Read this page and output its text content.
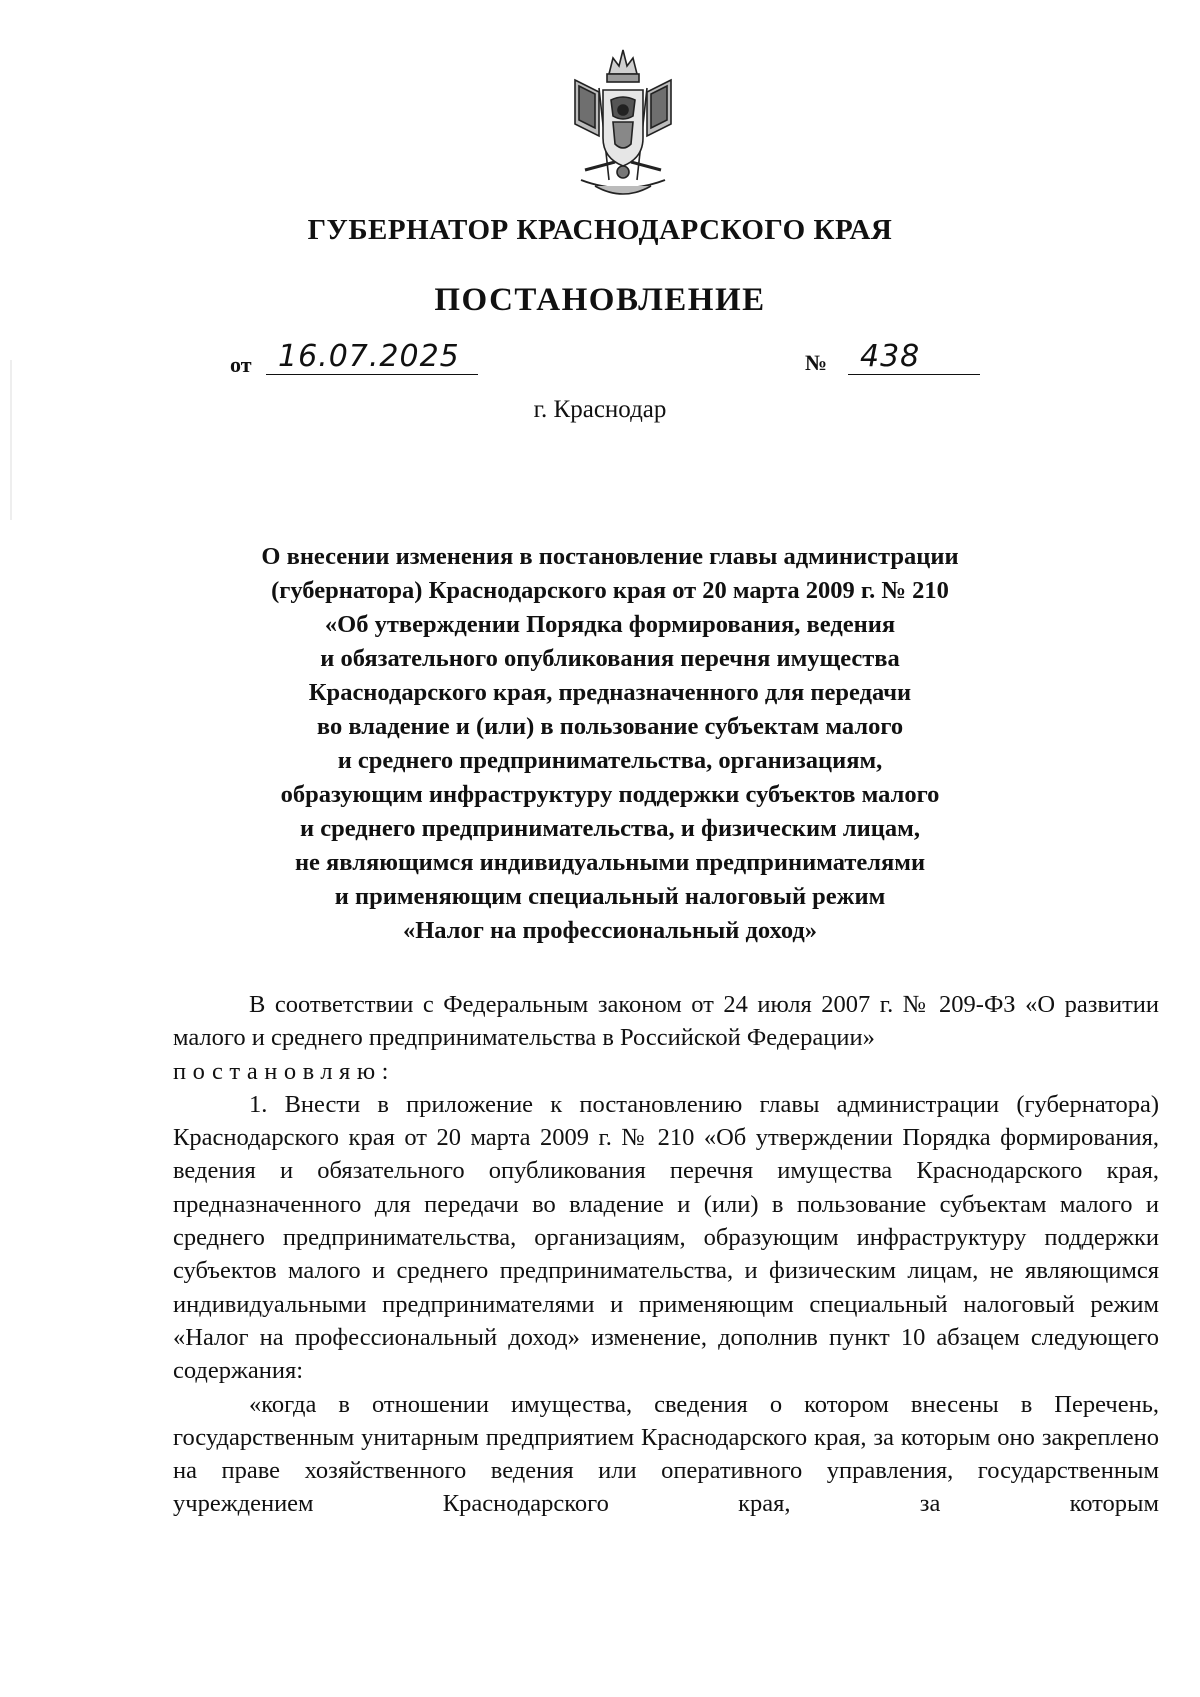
ГУБЕРНАТОР КРАСНОДАРСКОГО КРАЯ
ПОСТАНОВЛЕНИЕ
от 16.07.2025	№	438
г. Краснодар
О внесении изменения в постановление главы администрации
(губернатора) Краснодарского края от 20 марта 2009 г. № 210
«Об утверждении Порядка формирования, ведения
и обязательного опубликования перечня имущества
Краснодарского края, предназначенного для передачи
во владение и (или) в пользование субъектам малого
и среднего предпринимательства, организациям,
образующим инфраструктуру поддержки субъектов малого
и среднего предпринимательства, и физическим лицам,
не являющимся индивидуальными предпринимателями
и применяющим специальный налоговый режим
«Налог на профессиональный доход»

В соответствии с Федеральным законом от 24 июля 2007 г. № 209-ФЗ «О развитии малого и среднего предпринимательства в Российской Федерации»

постановляю:

1. Внести в приложение к постановлению главы администрации (губернатора) Краснодарского края от 20 марта 2009 г. № 210 «Об утверждении Порядка формирования, ведения и обязательного опубликования перечня имущества Краснодарского края, предназначенного для передачи во владение и (или) в пользование субъектам малого и среднего предпринимательства, организациям, образующим инфраструктуру поддержки субъектов малого и среднего предпринимательства, и физическим лицам, не являющимся индивидуальными предпринимателями и применяющим специальный налоговый режим «Налог на профессиональный доход» изменение, дополнив пункт 10 абзацем следующего содержания:

«когда в отношении имущества, сведения о котором внесены в Перечень, государственным унитарным предприятием Краснодарского края, за которым оно закреплено на праве хозяйственного ведения или оперативного управления, государственным учреждением Краснодарского края, за которым
